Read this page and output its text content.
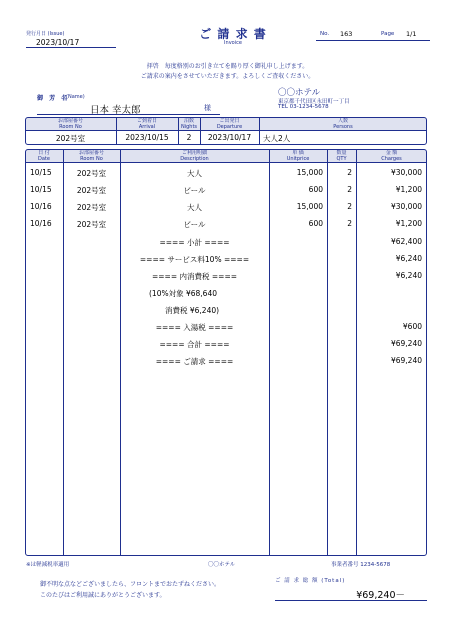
発行月日 (Issue)
2023/10/17
ご 請 求 書
Invoice
No. 163	Page 1/1
拝啓　毎度格別のお引き立てを賜り厚く御礼申し上げます。
ご請求の案内をさせていただきます。よろしくご査収ください。
御 芳 名
(Name)
日本 幸太郎	様
〇〇ホテル
東京都千代田区永田町一丁目
TEL 03-1234-5678
お部屋番号
Room No
ご到着日
Arrival
泊数
Nights
ご出発日
Departure
人数
Persons
202号室	2023/10/15	2	2023/10/17	大人2人
日 付
Date
お部屋番号
Room No
ご利用明細
Description
単 価
Unitprice
数量
QTY
金 額
Charges
10/15	202号室	大人	15,000	2	¥30,000
10/15	202号室	ビール	600	2	¥1,200
10/16	202号室	大人	15,000	2	¥30,000
10/16	202号室	ビール	600	2	¥1,200
==== 小計 ====	¥62,400
==== サービス料10% ====	¥6,240
==== 内消費税 ====	¥6,240
(10%対象 ¥68,640
消費税 ¥6,240)
==== 入湯税 ====	¥600
==== 合計 ====	¥69,240
==== ご請求 ====	¥69,240
※は軽減税率適用	〇〇ホテル	事業者番号 1234-5678
御不明な点などございましたら、フロントまでおたずねください。
このたびはご利用誠にありがとうございます。
ご 請 求 総 額 (Total)
¥69,240－
